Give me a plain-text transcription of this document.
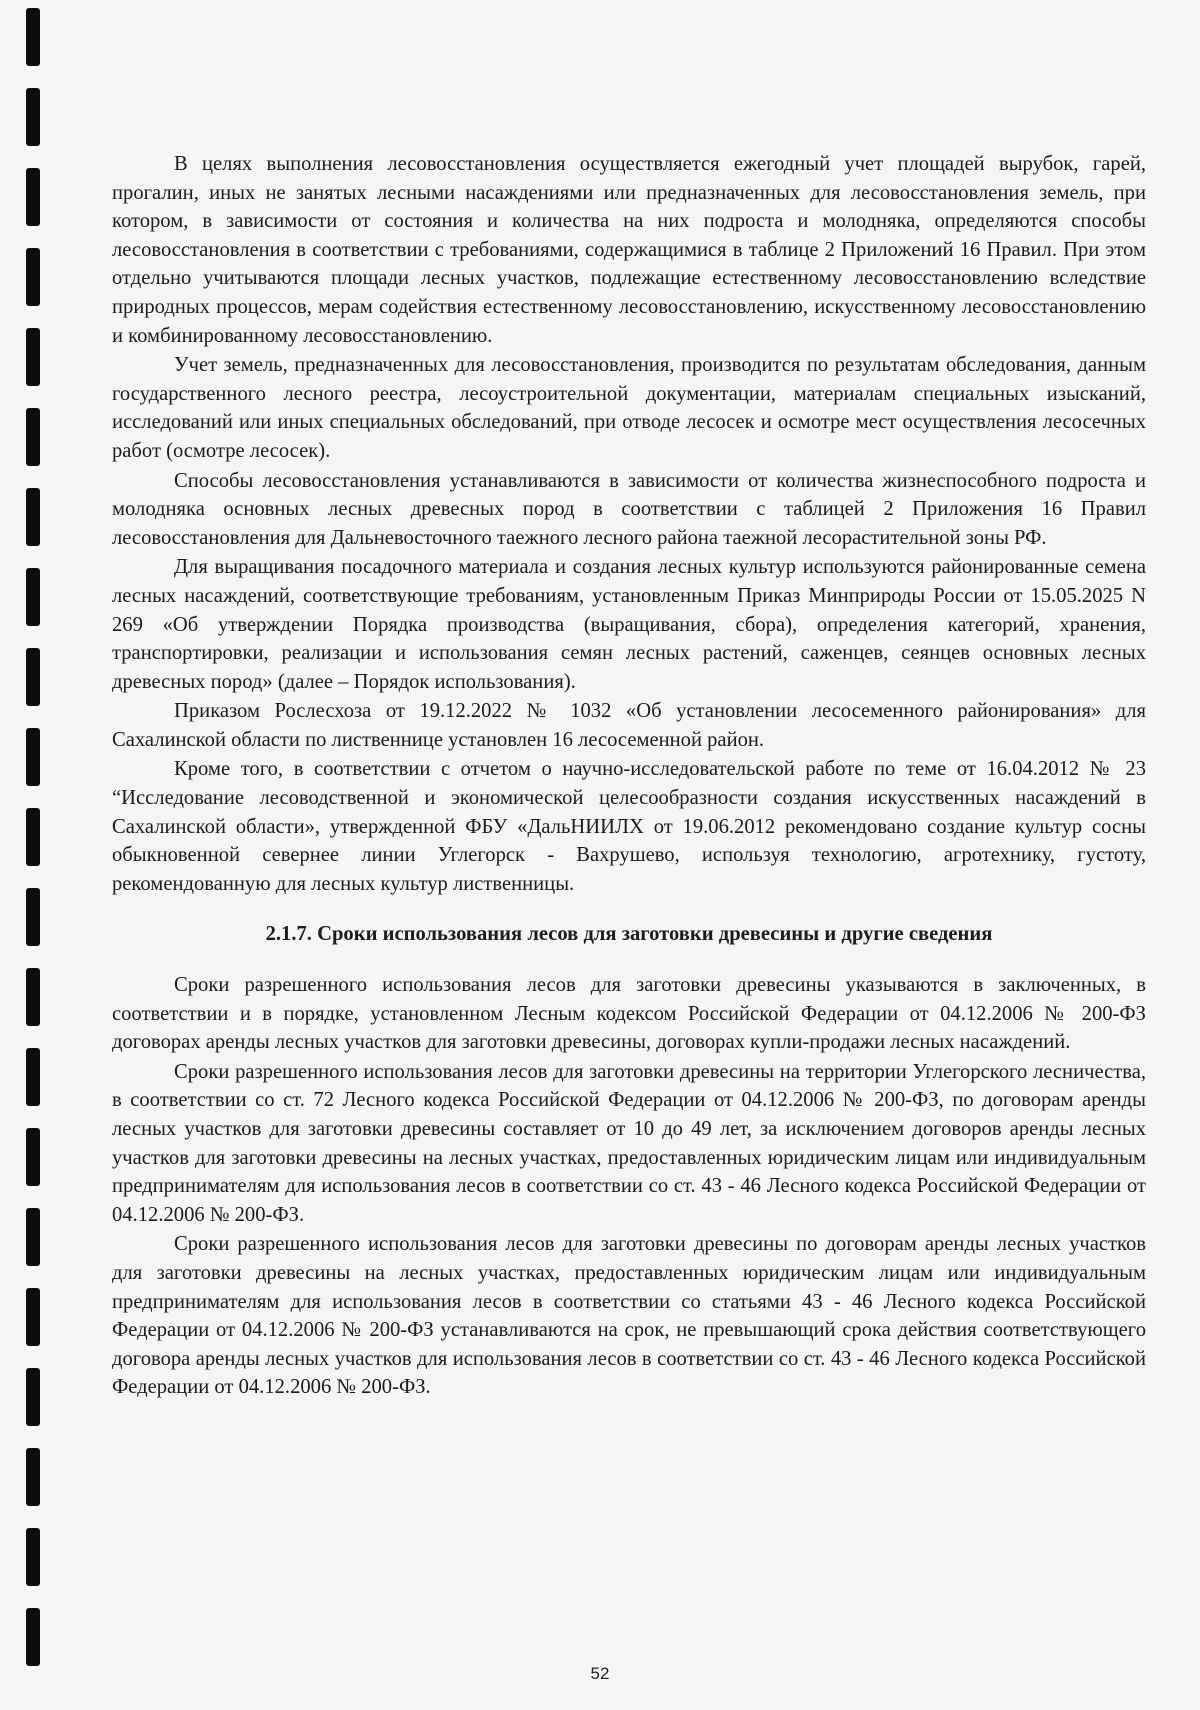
В целях выполнения лесовосстановления осуществляется ежегодный учет площадей вырубок, гарей, прогалин, иных не занятых лесными насаждениями или предназначенных для лесовосстановления земель, при котором, в зависимости от состояния и количества на них подроста и молодняка, определяются способы лесовосстановления в соответствии с требованиями, содержащимися в таблице 2 Приложений 16 Правил. При этом отдельно учитываются площади лесных участков, подлежащие естественному лесовосстановлению вследствие природных процессов, мерам содействия естественному лесовосстановлению, искусственному лесовосстановлению и комбинированному лесовосстановлению.

Учет земель, предназначенных для лесовосстановления, производится по результатам обследования, данным государственного лесного реестра, лесоустроительной документации, материалам специальных изысканий, исследований или иных специальных обследований, при отводе лесосек и осмотре мест осуществления лесосечных работ (осмотре лесосек).

Способы лесовосстановления устанавливаются в зависимости от количества жизнеспособного подроста и молодняка основных лесных древесных пород в соответствии с таблицей 2 Приложения 16 Правил лесовосстановления для Дальневосточного таежного лесного района таежной лесорастительной зоны РФ.

Для выращивания посадочного материала и создания лесных культур используются районированные семена лесных насаждений, соответствующие требованиям, установленным Приказ Минприроды России от 15.05.2025 N 269 «Об утверждении Порядка производства (выращивания, сбора), определения категорий, хранения, транспортировки, реализации и использования семян лесных растений, саженцев, сеянцев основных лесных древесных пород» (далее – Порядок использования).

Приказом Рослесхоза от 19.12.2022 № 1032 «Об установлении лесосеменного районирования» для Сахалинской области по лиственнице установлен 16 лесосеменной район.

Кроме того, в соответствии с отчетом о научно-исследовательской работе по теме от 16.04.2012 № 23 “Исследование лесоводственной и экономической целесообразности создания искусственных насаждений в Сахалинской области», утвержденной ФБУ «ДальНИИЛХ от 19.06.2012 рекомендовано создание культур сосны обыкновенной севернее линии Углегорск - Вахрушево, используя технологию, агротехнику, густоту, рекомендованную для лесных культур лиственницы.

2.1.7. Сроки использования лесов для заготовки древесины и другие сведения

Сроки разрешенного использования лесов для заготовки древесины указываются в заключенных, в соответствии и в порядке, установленном Лесным кодексом Российской Федерации от 04.12.2006 № 200-ФЗ договорах аренды лесных участков для заготовки древесины, договорах купли-продажи лесных насаждений.

Сроки разрешенного использования лесов для заготовки древесины на территории Углегорского лесничества, в соответствии со ст. 72 Лесного кодекса Российской Федерации от 04.12.2006 № 200-ФЗ, по договорам аренды лесных участков для заготовки древесины составляет от 10 до 49 лет, за исключением договоров аренды лесных участков для заготовки древесины на лесных участках, предоставленных юридическим лицам или индивидуальным предпринимателям для использования лесов в соответствии со ст. 43 - 46 Лесного кодекса Российской Федерации от 04.12.2006 № 200-ФЗ.

Сроки разрешенного использования лесов для заготовки древесины по договорам аренды лесных участков для заготовки древесины на лесных участках, предоставленных юридическим лицам или индивидуальным предпринимателям для использования лесов в соответствии со статьями 43 - 46 Лесного кодекса Российской Федерации от 04.12.2006 № 200-ФЗ устанавливаются на срок, не превышающий срока действия соответствующего договора аренды лесных участков для использования лесов в соответствии со ст. 43 - 46 Лесного кодекса Российской Федерации от 04.12.2006 № 200-ФЗ.

52
